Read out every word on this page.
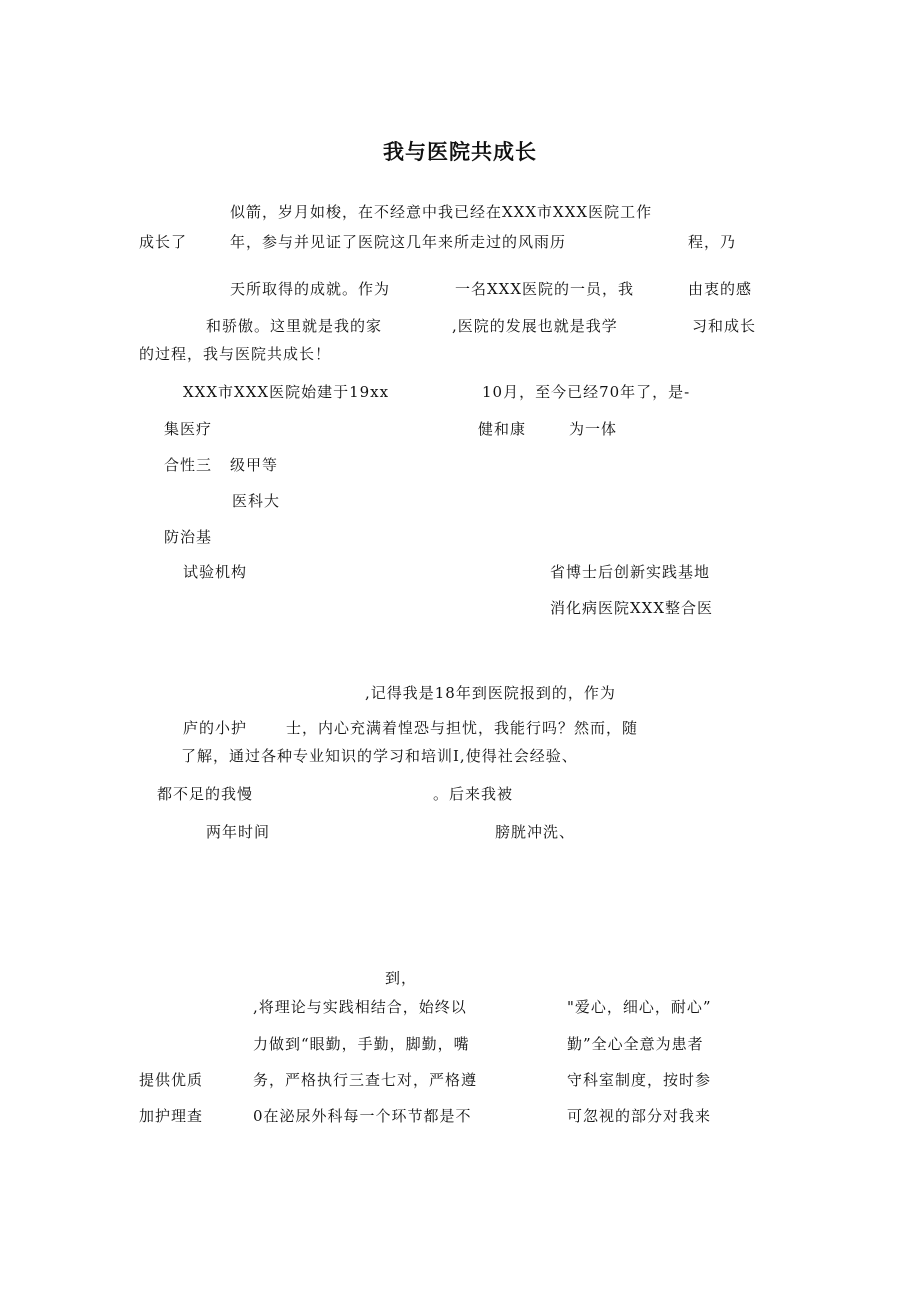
我与医院共成长
似箭，岁月如梭，在不经意中我已经在XXX市XXX医院工作
成长了	年，参与并见证了医院这几年来所走过的风雨历	程，乃
天所取得的成就。作为	一名XXX医院的一员，我	由衷的感
和骄傲。这里就是我的家	,医院的发展也就是我学	习和成长
的过程，我与医院共成长！
XXX市XXX医院始建于19xx	10月，至今已经70年了，是-
集医疗	健和康	为一体
合性三 级甲等
医科大
防治基
试验机构	省博士后创新实践基地
消化病医院XXX整合医
,记得我是18年到医院报到的，作为
庐的小护	士，内心充满着惶恐与担忧，我能行吗？然而，随
了解，通过各种专业知识的学习和培训I,使得社会经验、
都不足的我慢	。后来我被
两年时间	膀胱冲洗、
到，
,将理论与实践相结合，始终以	"爱心，细心，耐心”
力做到“眼勤，手勤，脚勤，嘴	勤”全心全意为患者
提供优质	务，严格执行三查七对，严格遵	守科室制度，按时参
加护理查	0在泌尿外科每一个环节都是不	可忽视的部分对我来
